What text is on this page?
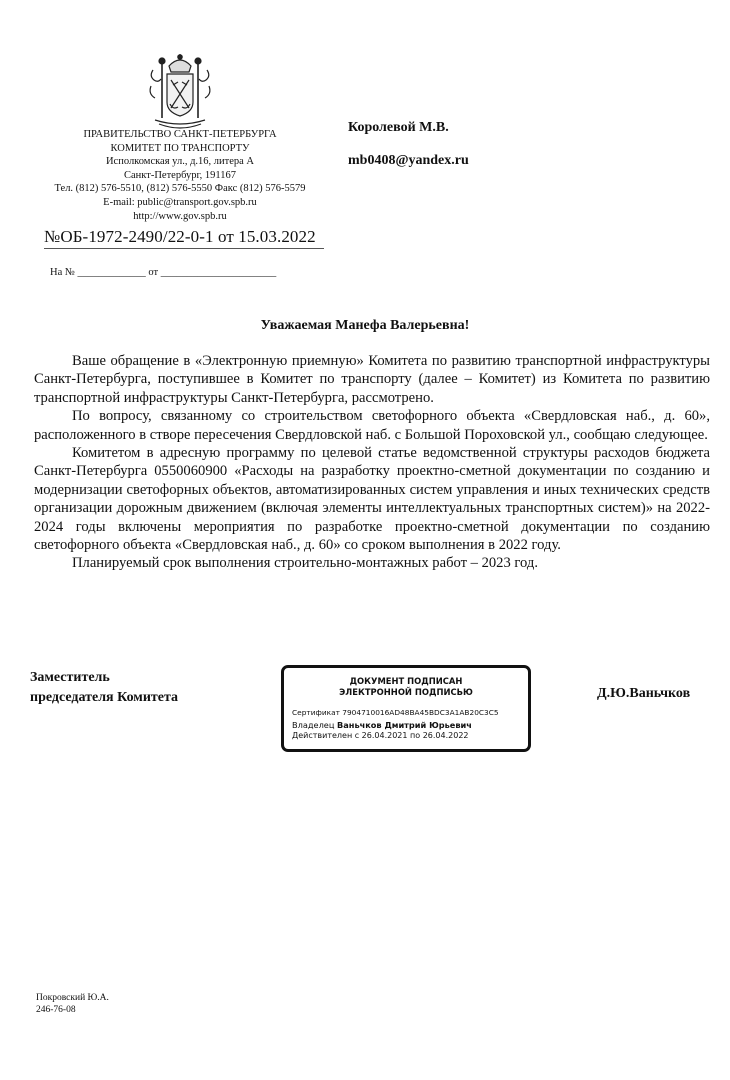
ПРАВИТЕЛЬСТВО САНКТ-ПЕТЕРБУРГА
КОМИТЕТ ПО ТРАНСПОРТУ
Исполкомская ул., д.16, литера А
Санкт-Петербург, 191167
Тел. (812) 576-5510, (812) 576-5550 Факс (812) 576-5579
E-mail: public@transport.gov.spb.ru
http://www.gov.spb.ru
№ОБ-1972-2490/22-0-1 от 15.03.2022
На № _____________ от ______________________
Королевой М.В.
mb0408@yandex.ru
Уважаемая Манефа Валерьевна!

Ваше обращение в «Электронную приемную» Комитета по развитию транспортной инфраструктуры Санкт-Петербурга, поступившее в Комитет по транспорту (далее – Комитет) из Комитета по развитию транспортной инфраструктуры Санкт-Петербурга, рассмотрено.

По вопросу, связанному со строительством светофорного объекта «Свердловская наб., д. 60», расположенного в створе пересечения Свердловской наб. с Большой Пороховской ул., сообщаю следующее.

Комитетом в адресную программу по целевой статье ведомственной структуры расходов бюджета Санкт-Петербурга 0550060900 «Расходы на разработку проектно-сметной документации по созданию и модернизации светофорных объектов, автоматизированных систем управления и иных технических средств организации дорожным движением (включая элементы интеллектуальных транспортных систем)» на 2022-2024 годы включены мероприятия по разработке проектно-сметной документации по созданию светофорного объекта «Свердловская наб., д. 60» со сроком выполнения в 2022 году.

Планируемый срок выполнения строительно-монтажных работ – 2023 год.

Заместитель
председателя Комитета
ДОКУМЕНТ ПОДПИСАН
ЭЛЕКТРОННОЙ ПОДПИСЬЮ
Сертификат 7904710016AD48BA45BDC3A1AB20C3C5
Владелец Ваньчков Дмитрий Юрьевич
Действителен с 26.04.2021 по 26.04.2022
Д.Ю.Ваньчков
Покровский Ю.А.
246-76-08
